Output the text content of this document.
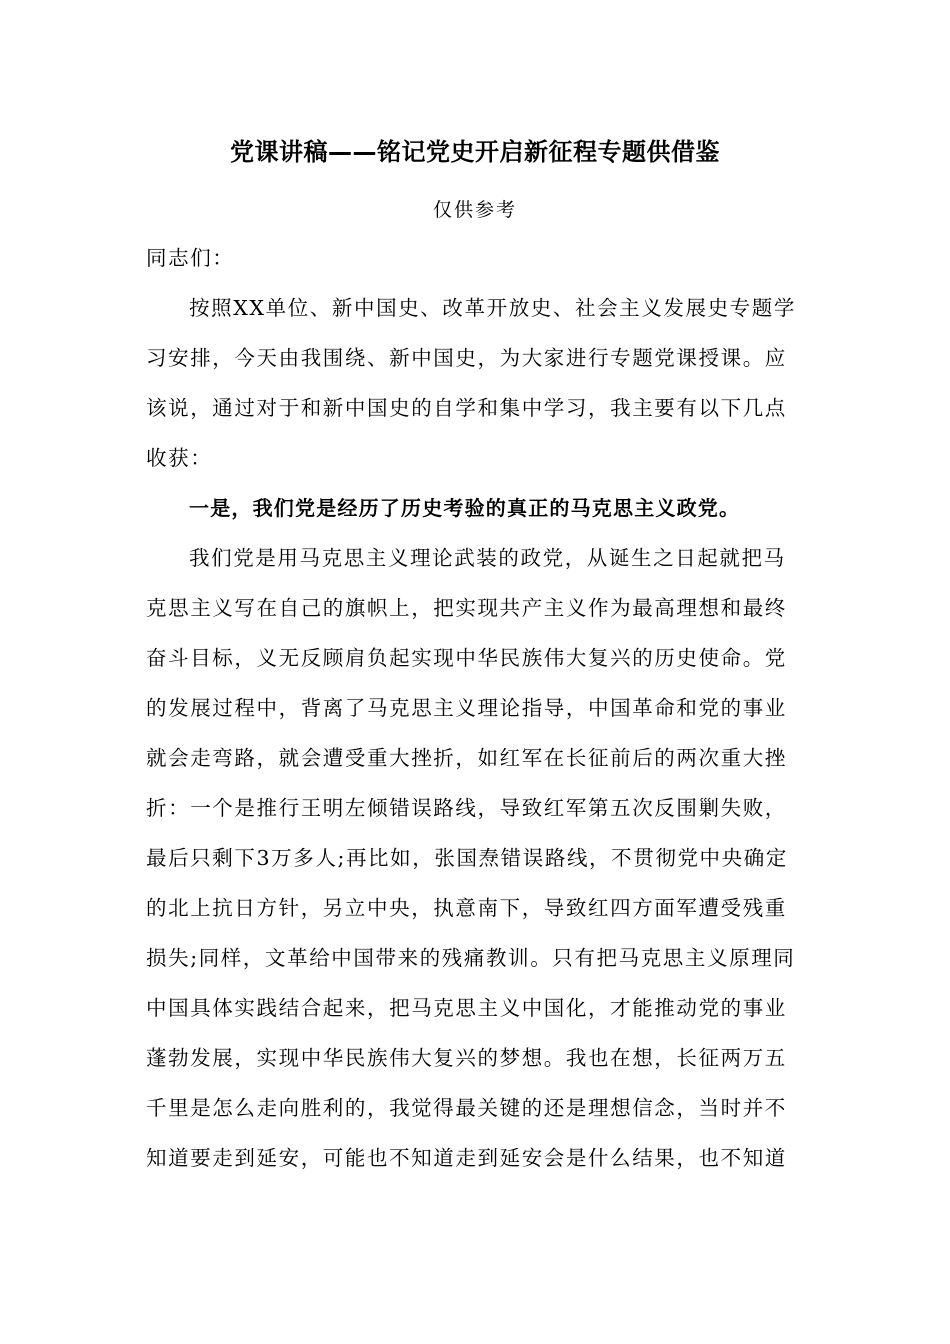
党课讲稿——铭记党史开启新征程专题供借鉴
仅供参考
同志们：
按照XX单位、新中国史、改革开放史、社会主义发展史专题学
习安排，今天由我围绕、新中国史，为大家进行专题党课授课。应
该说，通过对于和新中国史的自学和集中学习，我主要有以下几点
收获：
一是，我们党是经历了历史考验的真正的马克思主义政党。
我们党是用马克思主义理论武装的政党，从诞生之日起就把马
克思主义写在自己的旗帜上，把实现共产主义作为最高理想和最终
奋斗目标，义无反顾肩负起实现中华民族伟大复兴的历史使命。党
的发展过程中，背离了马克思主义理论指导，中国革命和党的事业
就会走弯路，就会遭受重大挫折，如红军在长征前后的两次重大挫
折：一个是推行王明左倾错误路线，导致红军第五次反围剿失败，
最后只剩下3万多人;再比如，张国焘错误路线，不贯彻党中央确定
的北上抗日方针，另立中央，执意南下，导致红四方面军遭受残重
损失;同样，文革给中国带来的残痛教训。只有把马克思主义原理同
中国具体实践结合起来，把马克思主义中国化，才能推动党的事业
蓬勃发展，实现中华民族伟大复兴的梦想。我也在想，长征两万五
千里是怎么走向胜利的，我觉得最关键的还是理想信念，当时并不
知道要走到延安，可能也不知道走到延安会是什么结果，也不知道
